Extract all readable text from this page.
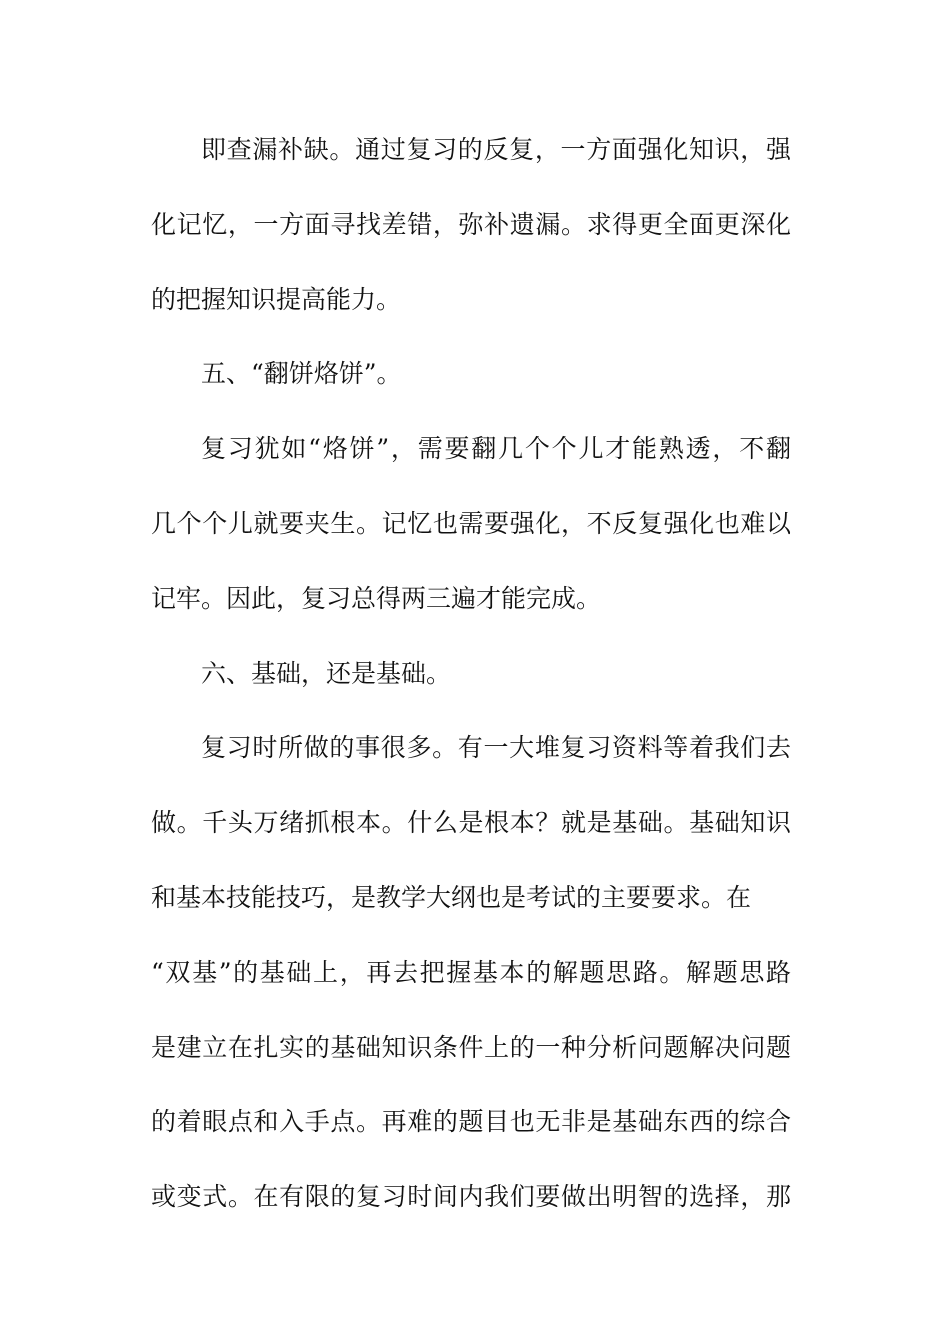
即查漏补缺。通过复习的反复，一方面强化知识，强
化记忆，一方面寻找差错，弥补遗漏。求得更全面更深化
的把握知识提高能力。
五、“翻饼烙饼”。
复习犹如“烙饼”，需要翻几个个儿才能熟透，不翻
几个个儿就要夹生。记忆也需要强化，不反复强化也难以
记牢。因此，复习总得两三遍才能完成。
六、基础，还是基础。
复习时所做的事很多。有一大堆复习资料等着我们去
做。千头万绪抓根本。什么是根本？就是基础。基础知识
和基本技能技巧，是教学大纲也是考试的主要要求。在
“双基”的基础上，再去把握基本的解题思路。解题思路
是建立在扎实的基础知识条件上的一种分析问题解决问题
的着眼点和入手点。再难的题目也无非是基础东西的综合
或变式。在有限的复习时间内我们要做出明智的选择，那
